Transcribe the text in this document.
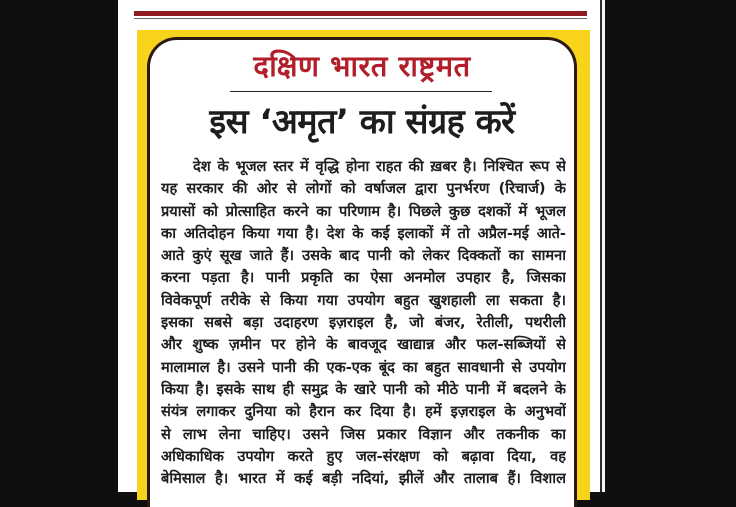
दक्षिण भारत राष्ट्रमत
इस ‘अमृत’ का संग्रह करें
देश के भूजल स्तर में वृद्धि होना राहत की ख़बर है। निश्चित रूप से
यह सरकार की ओर से लोगों को वर्षाजल द्वारा पुनर्भरण (रिचार्ज) के
प्रयासों को प्रोत्साहित करने का परिणाम है। पिछले कुछ दशकों में भूजल
का अतिदोहन किया गया है। देश के कई इलाकों में तो अप्रैल-मई आते-
आते कुएं सूख जाते हैं। उसके बाद पानी को लेकर दिक्कतों का सामना
करना पड़ता है। पानी प्रकृति का ऐसा अनमोल उपहार है, जिसका
विवेकपूर्ण तरीके से किया गया उपयोग बहुत खुशहाली ला सकता है।
इसका सबसे बड़ा उदाहरण इज़राइल है, जो बंजर, रेतीली, पथरीली
और शुष्क ज़मीन पर होने के बावजूद खाद्यान्न और फल-सब्जियों से
मालामाल है। उसने पानी की एक-एक बूंद का बहुत सावधानी से उपयोग
किया है। इसके साथ ही समुद्र के खारे पानी को मीठे पानी में बदलने के
संयंत्र लगाकर दुनिया को हैरान कर दिया है। हमें इज़राइल के अनुभवों
से लाभ लेना चाहिए। उसने जिस प्रकार विज्ञान और तकनीक का
अधिकाधिक उपयोग करते हुए जल-संरक्षण को बढ़ावा दिया, वह
बेमिसाल है। भारत में कई बड़ी नदियां, झीलें और तालाब हैं। विशाल
